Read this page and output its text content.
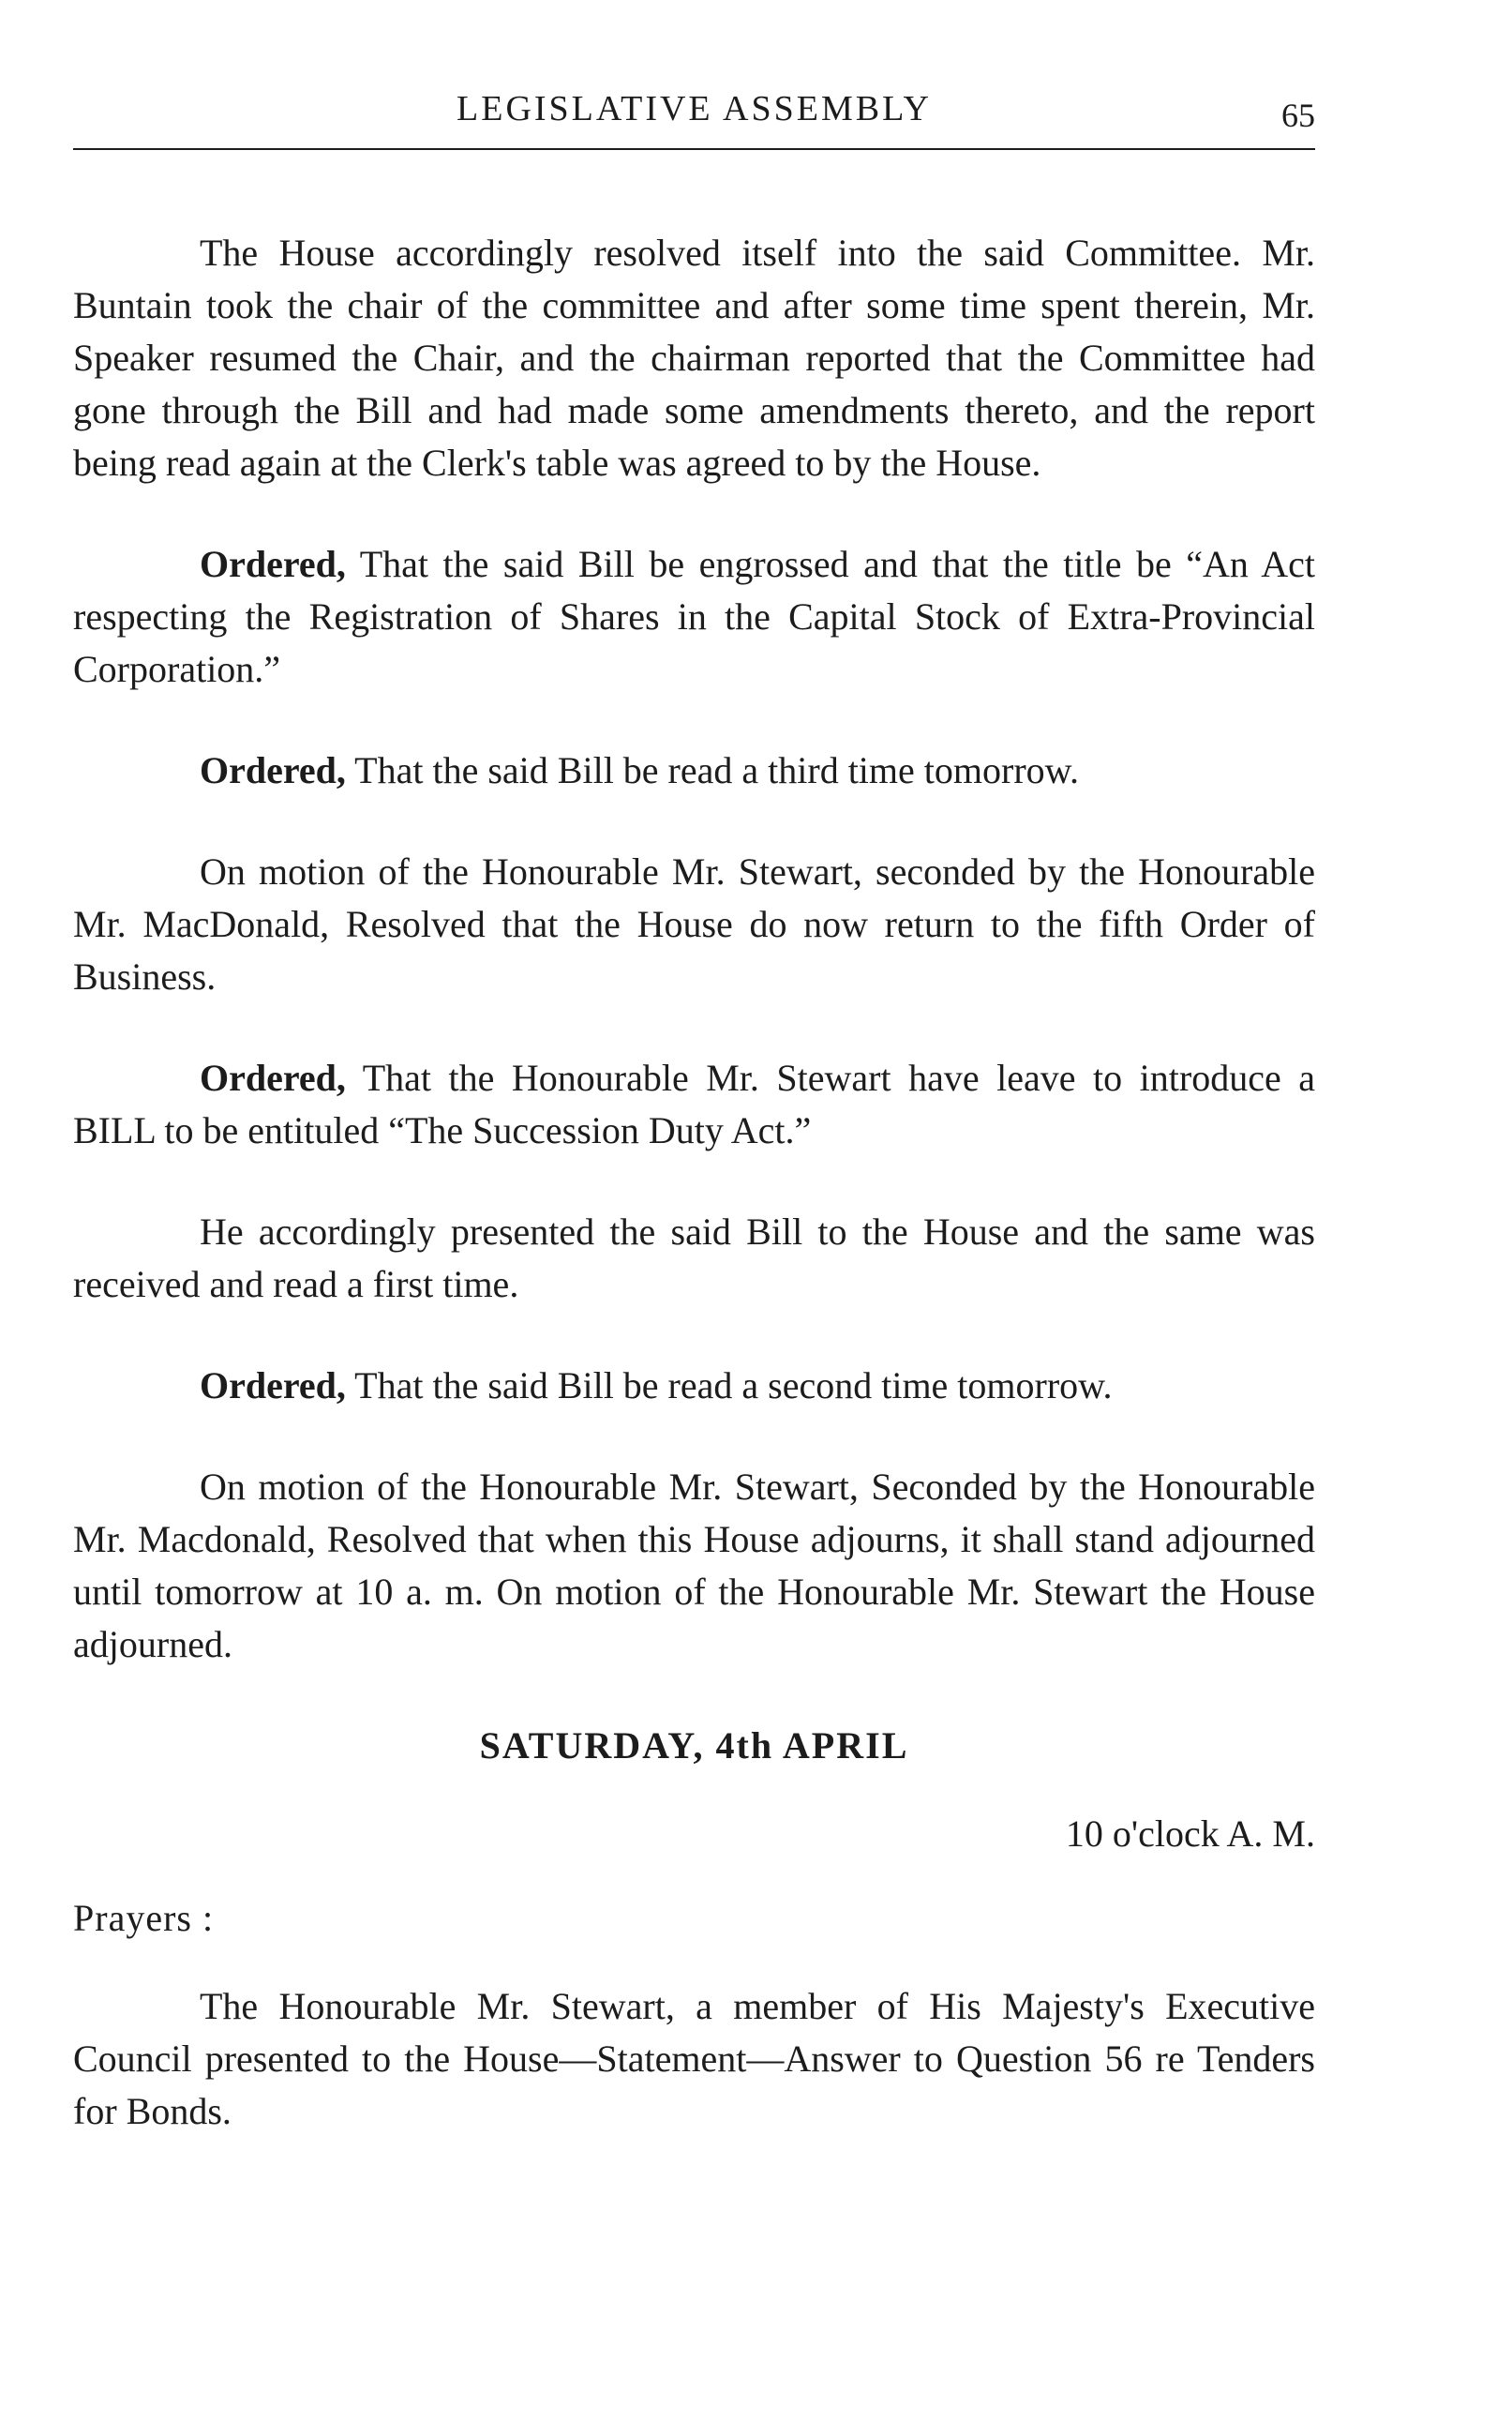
LEGISLATIVE ASSEMBLY	65

The House accordingly resolved itself into the said Committee. Mr. Buntain took the chair of the committee and after some time spent therein, Mr. Speaker resumed the Chair, and the chairman reported that the Committee had gone through the Bill and had made some amendments thereto, and the report being read again at the Clerk's table was agreed to by the House.

Ordered, That the said Bill be engrossed and that the title be “An Act respecting the Registration of Shares in the Capital Stock of Extra-Provincial Corporation.”

Ordered, That the said Bill be read a third time tomorrow.

On motion of the Honourable Mr. Stewart, seconded by the Honourable Mr. MacDonald, Resolved that the House do now return to the fifth Order of Business.

Ordered, That the Honourable Mr. Stewart have leave to introduce a BILL to be entituled “The Succession Duty Act.”

He accordingly presented the said Bill to the House and the same was received and read a first time.

Ordered, That the said Bill be read a second time tomorrow.

On motion of the Honourable Mr. Stewart, Seconded by the Honourable Mr. Macdonald, Resolved that when this House adjourns, it shall stand adjourned until tomorrow at 10 a. m. On motion of the Honourable Mr. Stewart the House adjourned.

SATURDAY, 4th APRIL
10 o'clock A. M.
Prayers :

The Honourable Mr. Stewart, a member of His Majesty's Executive Council presented to the House—Statement—Answer to Question 56 re Tenders for Bonds.
